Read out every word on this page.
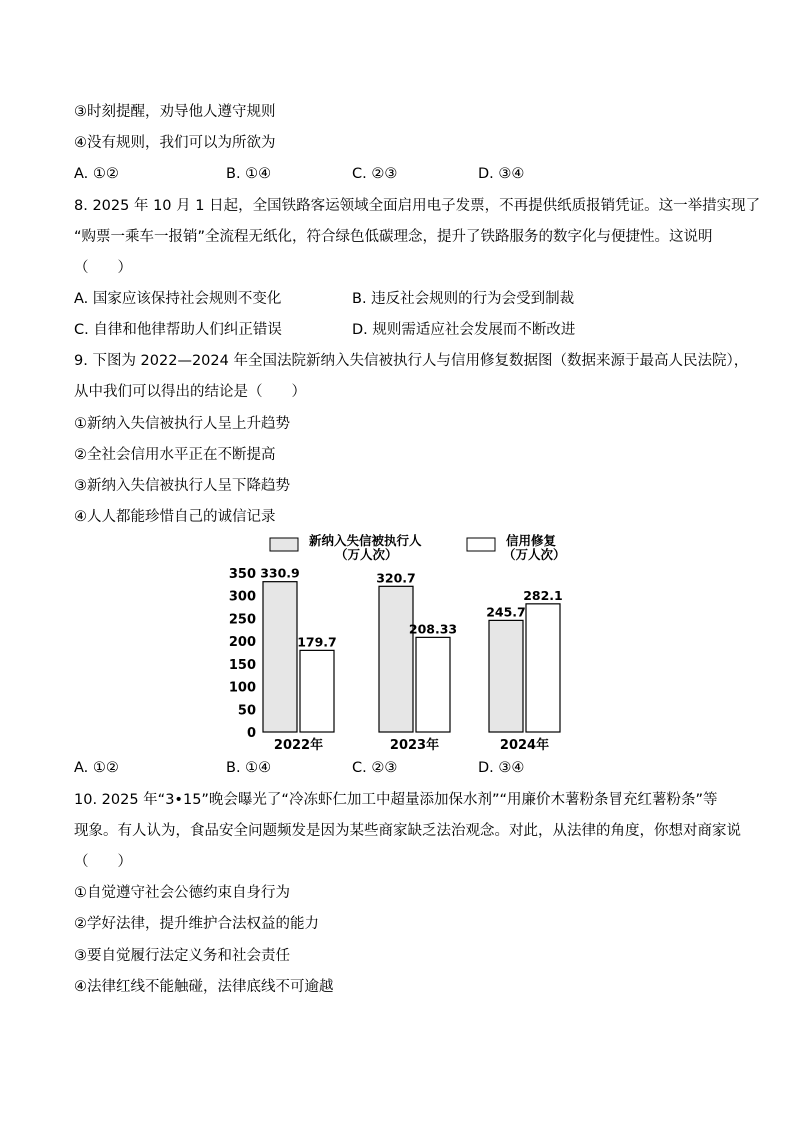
③时刻提醒，劝导他人遵守规则
④没有规则，我们可以为所欲为
A. ①②	B. ①④	C. ②③	D. ③④
8. 2025 年 10 月 1 日起，全国铁路客运领域全面启用电子发票，不再提供纸质报销凭证。这一举措实现了
“购票一乘车一报销”全流程无纸化，符合绿色低碳理念，提升了铁路服务的数字化与便捷性。这说明
（　　）
A. 国家应该保持社会规则不变化	B. 违反社会规则的行为会受到制裁
C. 自律和他律帮助人们纠正错误	D. 规则需适应社会发展而不断改进
9. 下图为 2022—2024 年全国法院新纳入失信被执行人与信用修复数据图（数据来源于最高人民法院），
从中我们可以得出的结论是（　　）
①新纳入失信被执行人呈上升趋势
②全社会信用水平正在不断提高
③新纳入失信被执行人呈下降趋势
④人人都能珍惜自己的诚信记录
新纳入失信被执行人
（万人次）
信用修复
（万人次）
350
300
250
200
150
100
50
0
330.9
179.7
320.7
208.33
245.7
282.1
2022年	2023年	2024年
A. ①②	B. ①④	C. ②③	D. ③④
10. 2025 年“3•15”晚会曝光了“冷冻虾仁加工中超量添加保水剂”“用廉价木薯粉条冒充红薯粉条”等
现象。有人认为，食品安全问题频发是因为某些商家缺乏法治观念。对此，从法律的角度，你想对商家说
（　　）
①自觉遵守社会公德约束自身行为
②学好法律，提升维护合法权益的能力
③要自觉履行法定义务和社会责任
④法律红线不能触碰，法律底线不可逾越
